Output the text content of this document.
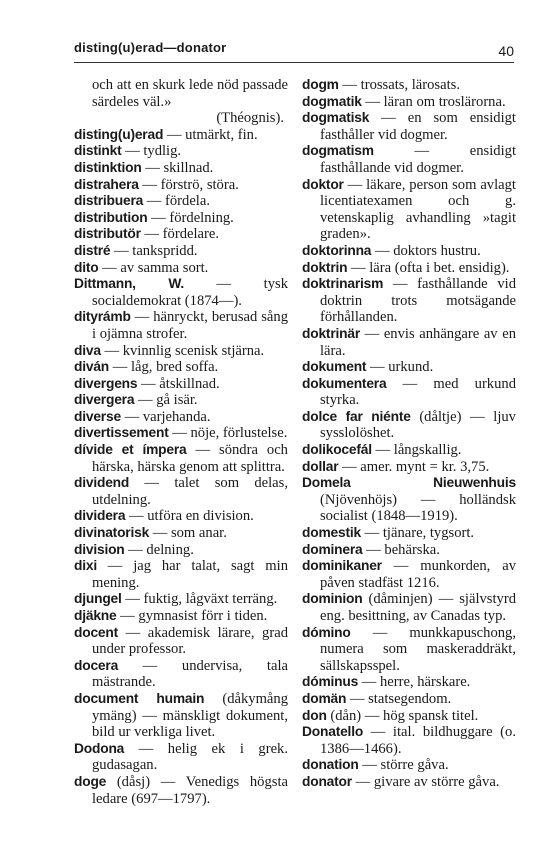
disting(u)erad—donator	40

och att en skurk lede nöd passade särdeles väl.»

(Théognis).

disting(u)erad — utmärkt, fin.

distinkt — tydlig.

distinktion — skillnad.

distrahera — förströ, störa.

distribuera — fördela.

distribution — fördelning.

distributör — fördelare.

distré — tankspridd.

dito — av samma sort.

Dittmann, W. — tysk socialdemokrat (1874—).

dityrámb — hänryckt, berusad sång i ojämna strofer.

diva — kvinnlig scenisk stjärna.

diván — låg, bred soffa.

divergens — åtskillnad.

divergera — gå isär.

diverse — varjehanda.

divertissement — nöje, förlustelse.

dívide et ímpera — söndra och härska, härska genom att splittra.

dividend — talet som delas, utdelning.

dividera — utföra en division.

divinatorisk — som anar.

division — delning.

dixi — jag har talat, sagt min mening.

djungel — fuktig, lågväxt terräng.

djäkne — gymnasist förr i tiden.

docent — akademisk lärare, grad under professor.

docera — undervisa, tala mästrande.

document humain (dåkymång ymäng) — mänskligt dokument, bild ur verkliga livet.

Dodona — helig ek i grek. gudasagan.

doge (dåsj) — Venedigs högsta ledare (697—1797).

dogm — trossats, lärosats.

dogmatik — läran om troslärorna.

dogmatisk — en som ensidigt fasthåller vid dogmer.

dogmatism — ensidigt fasthållande vid dogmer.

doktor — läkare, person som avlagt licentiatexamen och g. vetenskaplig avhandling »tagit graden».

doktorinna — doktors hustru.

doktrin — lära (ofta i bet. ensidig).

doktrinarism — fasthållande vid doktrin trots motsägande förhållanden.

doktrinär — envis anhängare av en lära.

dokument — urkund.

dokumentera — med urkund styrka.

dolce far niénte (dåltje) — ljuv sysslolöshet.

dolikocefál — långskallig.

dollar — amer. mynt = kr. 3,75.

Domela Nieuwenhuis (Njövenhöjs) — holländsk socialist (1848—1919).

domestik — tjänare, tygsort.

dominera — behärska.

dominikaner — munkorden, av påven stadfäst 1216.

dominion (dåminjen) — självstyrd eng. besittning, av Canadas typ.

dómino — munkkapuschong, numera som maskeraddräkt, sällskapsspel.

dóminus — herre, härskare.

domän — statsegendom.

don (dån) — hög spansk titel.

Donatello — ital. bildhuggare (o. 1386—1466).

donation — större gåva.

donator — givare av större gåva.
